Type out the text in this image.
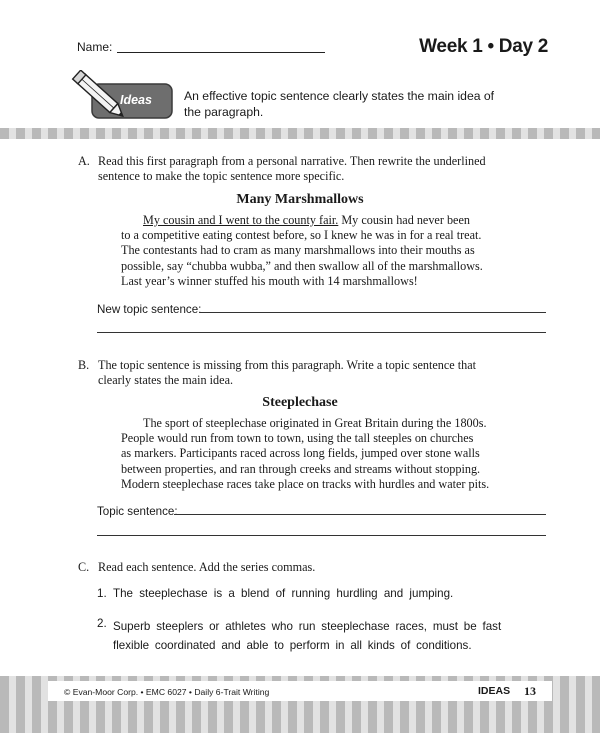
Name:	Week 1 • Day 2
Ideas	An effective topic sentence clearly states the main idea of
the paragraph.
A. Read this first paragraph from a personal narrative. Then rewrite the underlined
sentence to make the topic sentence more specific.
Many Marshmallows
My cousin and I went to the county fair. My cousin had never been
to a competitive eating contest before, so I knew he was in for a real treat.
The contestants had to cram as many marshmallows into their mouths as
possible, say “chubba wubba,” and then swallow all of the marshmallows.
Last year’s winner stuffed his mouth with 14 marshmallows!
New topic sentence:
B. The topic sentence is missing from this paragraph. Write a topic sentence that
clearly states the main idea.
Steeplechase
The sport of steeplechase originated in Great Britain during the 1800s.
People would run from town to town, using the tall steeples on churches
as markers. Participants raced across long fields, jumped over stone walls
between properties, and ran through creeks and streams without stopping.
Modern steeplechase races take place on tracks with hurdles and water pits.
Topic sentence:
C. Read each sentence. Add the series commas.
1. The steeplechase is a blend of running hurdling and jumping.
2. Superb steeplers or athletes who run steeplechase races, must be fast
flexible coordinated and able to perform in all kinds of conditions.
© Evan-Moor Corp. • EMC 6027 • Daily 6-Trait Writing	IDEAS 13
